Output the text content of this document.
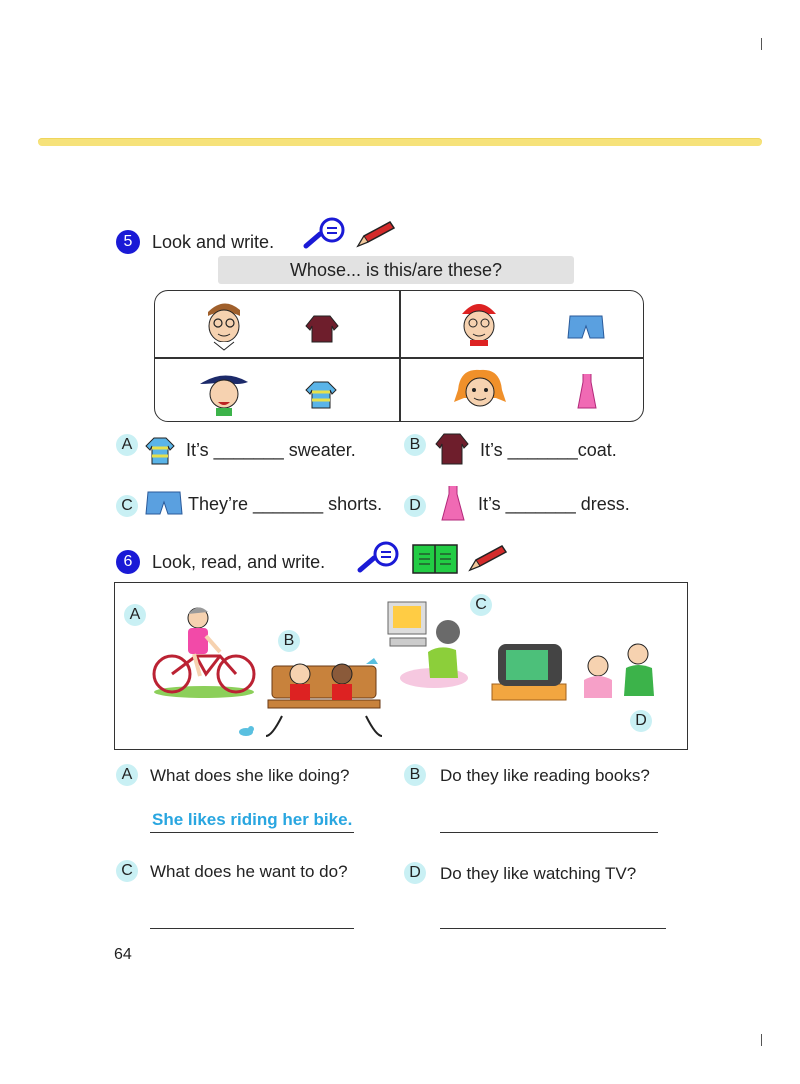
5	Look and write.
Whose... is this/are these?
A	It’s _______ sweater.	B	It’s _______coat.
C	They’re _______ shorts.	D	It’s _______ dress.
6	Look, read, and write.
A
B
C
D
A	What does she like doing?
She likes riding her bike.
B	Do they like reading books?
C	What does he want to do?	D	Do they like watching TV?
64
